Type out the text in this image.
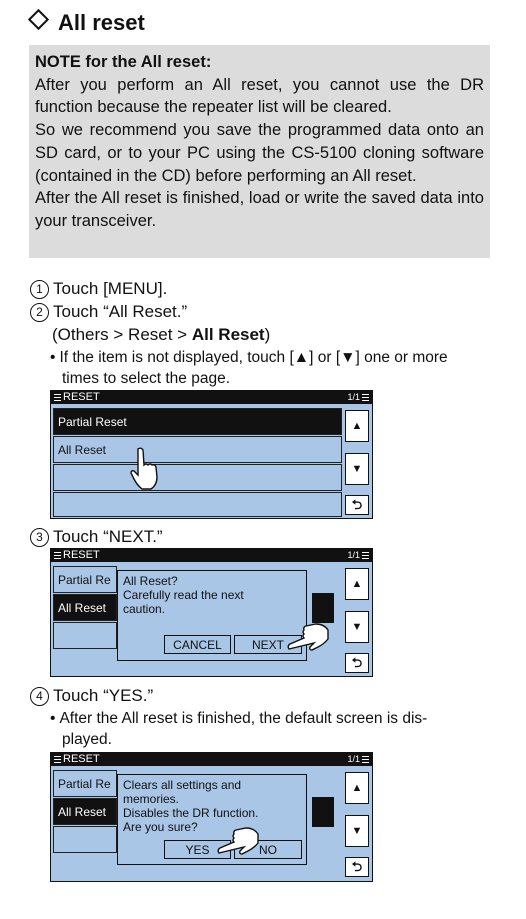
All reset
NOTE for the All reset:

After you perform an All reset, you cannot use the DR function because the repeater list will be cleared.

So we recommend you save the programmed data onto an SD card, or to your PC using the CS-5100 cloning software (contained in the CD) before performing an All reset.

After the All reset is finished, load or write the saved data into your transceiver.

1 Touch [MENU].
2 Touch “All Reset.”
(Others > Reset > All Reset)
• If the item is not displayed, touch [▲] or [▼] one or more
times to select the page.
RESET	1/1
Partial Reset
All Reset
▲
▼
⮌
3 Touch “NEXT.”
RESET	1/1
Partial Re
All Reset
All Reset?
Carefully read the next
caution.
CANCEL	NEXT
▲
▼
⮌
4 Touch “YES.”
• After the All reset is finished, the default screen is dis-
played.
RESET	1/1
Partial Re
All Reset
Clears all settings and
memories.
Disables the DR function.
Are you sure?
YES	NO
▲
▼
⮌
